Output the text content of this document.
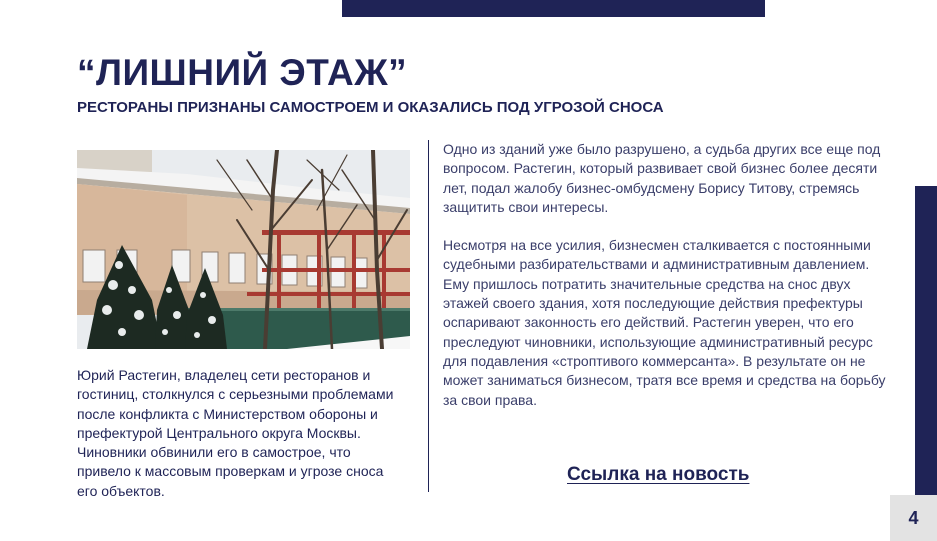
“ЛИШНИЙ ЭТАЖ”
РЕСТОРАНЫ ПРИЗНАНЫ САМОСТРОЕМ И ОКАЗАЛИСЬ ПОД УГРОЗОЙ СНОСА

Юрий Растегин, владелец сети ресторанов и гостиниц, столкнулся с серьезными проблемами после конфликта с Министерством обороны и префектурой Центрального округа Москвы. Чиновники обвинили его в самострое, что привело к массовым проверкам и угрозе сноса его объектов.

Одно из зданий уже было разрушено, а судьба других все еще под вопросом. Растегин, который развивает свой бизнес более десяти лет, подал жалобу бизнес-омбудсмену Борису Титову, стремясь защитить свои интересы.

Несмотря на все усилия, бизнесмен сталкивается с постоянными судебными разбирательствами и административным давлением. Ему пришлось потратить значительные средства на снос двух этажей своего здания, хотя последующие действия префектуры оспаривают законность его действий. Растегин уверен, что его преследуют чиновники, использующие административный ресурс для подавления «строптивого коммерсанта». В результате он не может заниматься бизнесом, тратя все время и средства на борьбу за свои права.

Ссылка на новость
4
